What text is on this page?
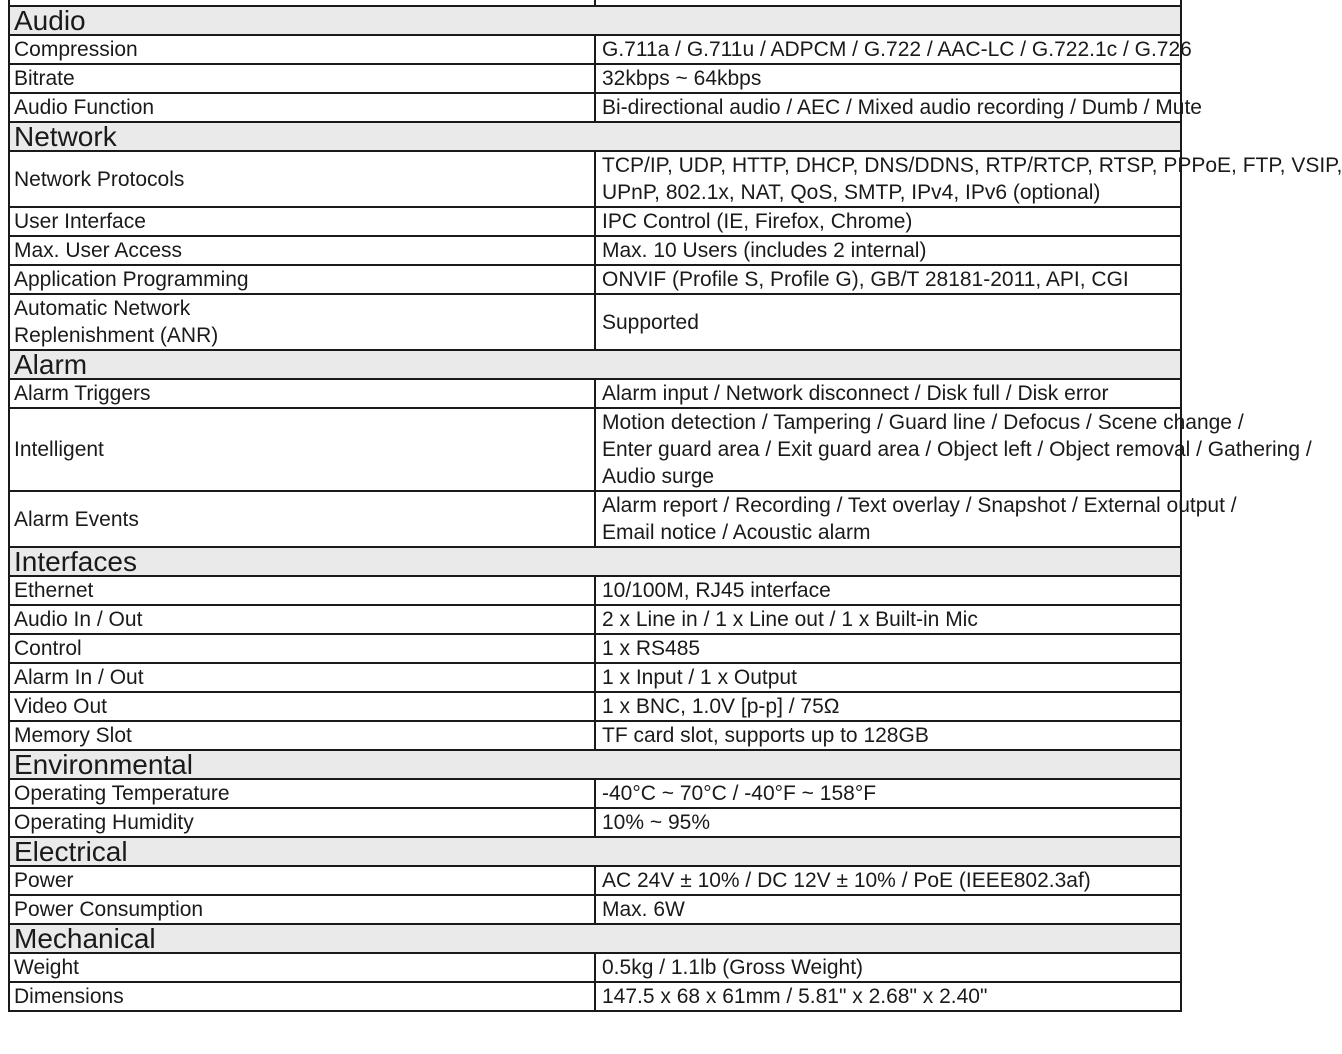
Audio	

Compression	G.711a / G.711u / ADPCM / G.722 / AAC-LC / G.722.1c / G.726

Bitrate	32kbps ~ 64kbps

Audio Function	Bi-directional audio / AEC / Mixed audio recording / Dumb / Mute

Network	

Network Protocols	TCP/IP, UDP, HTTP, DHCP, DNS/DDNS, RTP/RTCP, RTSP, PPPoE, FTP, VSIP,
UPnP, 802.1x, NAT, QoS, SMTP, IPv4, IPv6 (optional)

User Interface	IPC Control (IE, Firefox, Chrome)

Max. User Access	Max. 10 Users (includes 2 internal)

Application Programming	ONVIF (Profile S, Profile G), GB/T 28181-2011, API, CGI

Automatic Network
Replenishment (ANR)	Supported

Alarm	

Alarm Triggers	Alarm input / Network disconnect / Disk full / Disk error

Intelligent	Motion detection / Tampering / Guard line / Defocus / Scene change /
Enter guard area / Exit guard area / Object left / Object removal / Gathering /
Audio surge

Alarm Events	Alarm report / Recording / Text overlay / Snapshot / External output /
Email notice / Acoustic alarm

Interfaces	

Ethernet	10/100M, RJ45 interface

Audio In / Out	2 x Line in / 1 x Line out / 1 x Built-in Mic

Control	1 x RS485

Alarm In / Out	1 x Input / 1 x Output

Video Out	1 x BNC, 1.0V [p-p] / 75Ω

Memory Slot	TF card slot, supports up to 128GB

Environmental	

Operating Temperature	-40°C ~ 70°C / -40°F ~ 158°F

Operating Humidity	10% ~ 95%

Electrical	

Power	AC 24V ± 10% / DC 12V ± 10% / PoE (IEEE802.3af)

Power Consumption	Max. 6W

Mechanical	

Weight	0.5kg / 1.1lb (Gross Weight)

Dimensions	147.5 x 68 x 61mm / 5.81" x 2.68" x 2.40"
